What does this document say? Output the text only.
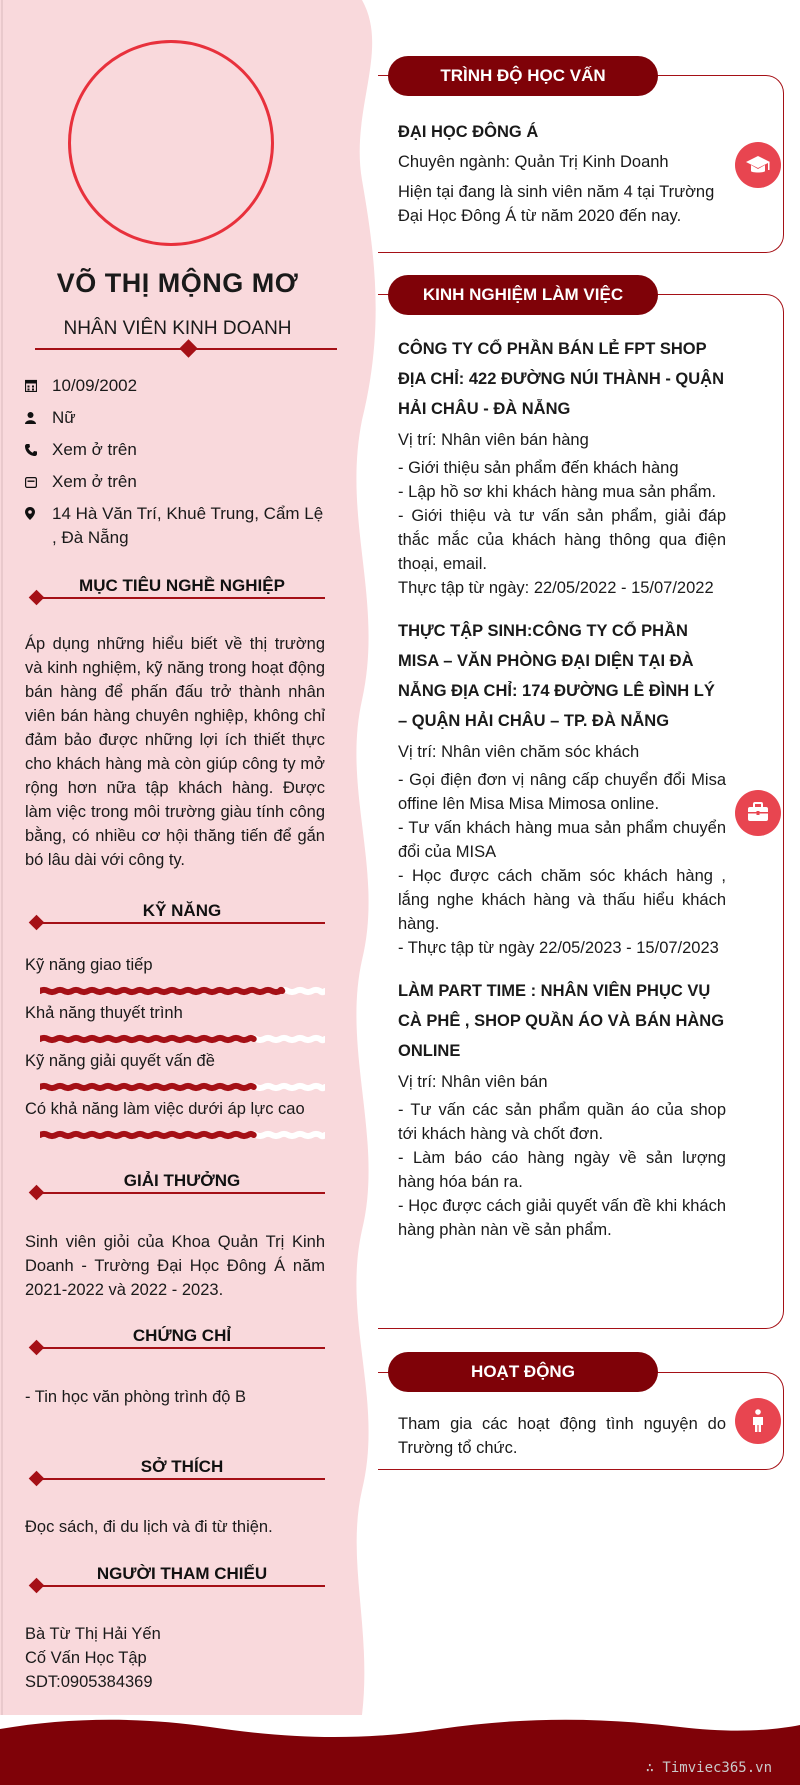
VÕ THỊ MỘNG MƠ
NHÂN VIÊN KINH DOANH
10/09/2002
Nữ
Xem ở trên
Xem ở trên
14 Hà Văn Trí, Khuê Trung, Cẩm Lệ , Đà Nẵng
MỤC TIÊU NGHỀ NGHIỆP
Áp dụng những hiểu biết về thị trường và kinh nghiệm, kỹ năng trong hoạt động bán hàng để phấn đấu trở thành nhân viên bán hàng chuyên nghiệp, không chỉ đảm bảo được những lợi ích thiết thực cho khách hàng mà còn giúp công ty mở rộng hơn nữa tập khách hàng. Được làm việc trong môi trường giàu tính công bằng, có nhiều cơ hội thăng tiến để gắn bó lâu dài với công ty.
KỸ NĂNG
Kỹ năng giao tiếp
Khả năng thuyết trình
Kỹ năng giải quyết vấn đề
Có khả năng làm việc dưới áp lực cao
GIẢI THƯỞNG
Sinh viên giỏi của Khoa Quản Trị Kinh Doanh - Trường Đại Học Đông Á năm 2021-2022 và 2022 - 2023.
CHỨNG CHỈ
- Tin học văn phòng trình độ B
SỞ THÍCH
Đọc sách, đi du lịch và đi từ thiện.
NGƯỜI THAM CHIẾU
Bà Từ Thị Hải Yến
Cố Vấn Học Tập
SDT:0905384369
TRÌNH ĐỘ HỌC VẤN
ĐẠI HỌC ĐÔNG Á
Chuyên ngành: Quản Trị Kinh Doanh
Hiện tại đang là sinh viên năm 4 tại Trường Đại Học Đông Á từ năm 2020 đến nay.
KINH NGHIỆM LÀM VIỆC
CÔNG TY CỔ PHẦN BÁN LẺ FPT SHOP ĐỊA CHỈ: 422 ĐƯỜNG NÚI THÀNH - QUẬN HẢI CHÂU - ĐÀ NẴNG
Vị trí: Nhân viên bán hàng
- Giới thiệu sản phẩm đến khách hàng
- Lập hồ sơ khi khách hàng mua sản phẩm.
- Giới thiệu và tư vấn sản phẩm, giải đáp thắc mắc của khách hàng thông qua điện thoại, email.
Thực tập từ ngày: 22/05/2022 - 15/07/2022
THỰC TẬP SINH:CÔNG TY CỔ PHẦN MISA – VĂN PHÒNG ĐẠI DIỆN TẠI ĐÀ NẴNG ĐỊA CHỈ: 174 ĐƯỜNG LÊ ĐÌNH LÝ – QUẬN HẢI CHÂU – TP. ĐÀ NẴNG
Vị trí: Nhân viên chăm sóc khách
- Gọi điện đơn vị nâng cấp chuyển đổi Misa offine lên Misa Misa Mimosa online.
- Tư vấn khách hàng mua sản phẩm chuyển đổi của MISA
- Học được cách chăm sóc khách hàng , lắng nghe khách hàng và thấu hiểu khách hàng.
- Thực tập từ ngày 22/05/2023 - 15/07/2023
LÀM PART TIME : NHÂN VIÊN PHỤC VỤ CÀ PHÊ , SHOP QUẦN ÁO VÀ BÁN HÀNG ONLINE
Vị trí: Nhân viên bán
- Tư vấn các sản phẩm quần áo của shop tới khách hàng và chốt đơn.
- Làm báo cáo hàng ngày về sản lượng hàng hóa bán ra.
- Học được cách giải quyết vấn đề khi khách hàng phàn nàn về sản phẩm.
HOẠT ĐỘNG
Tham gia các hoạt động tình nguyện do Trường tổ chức.
∴ Timviec365.vn
